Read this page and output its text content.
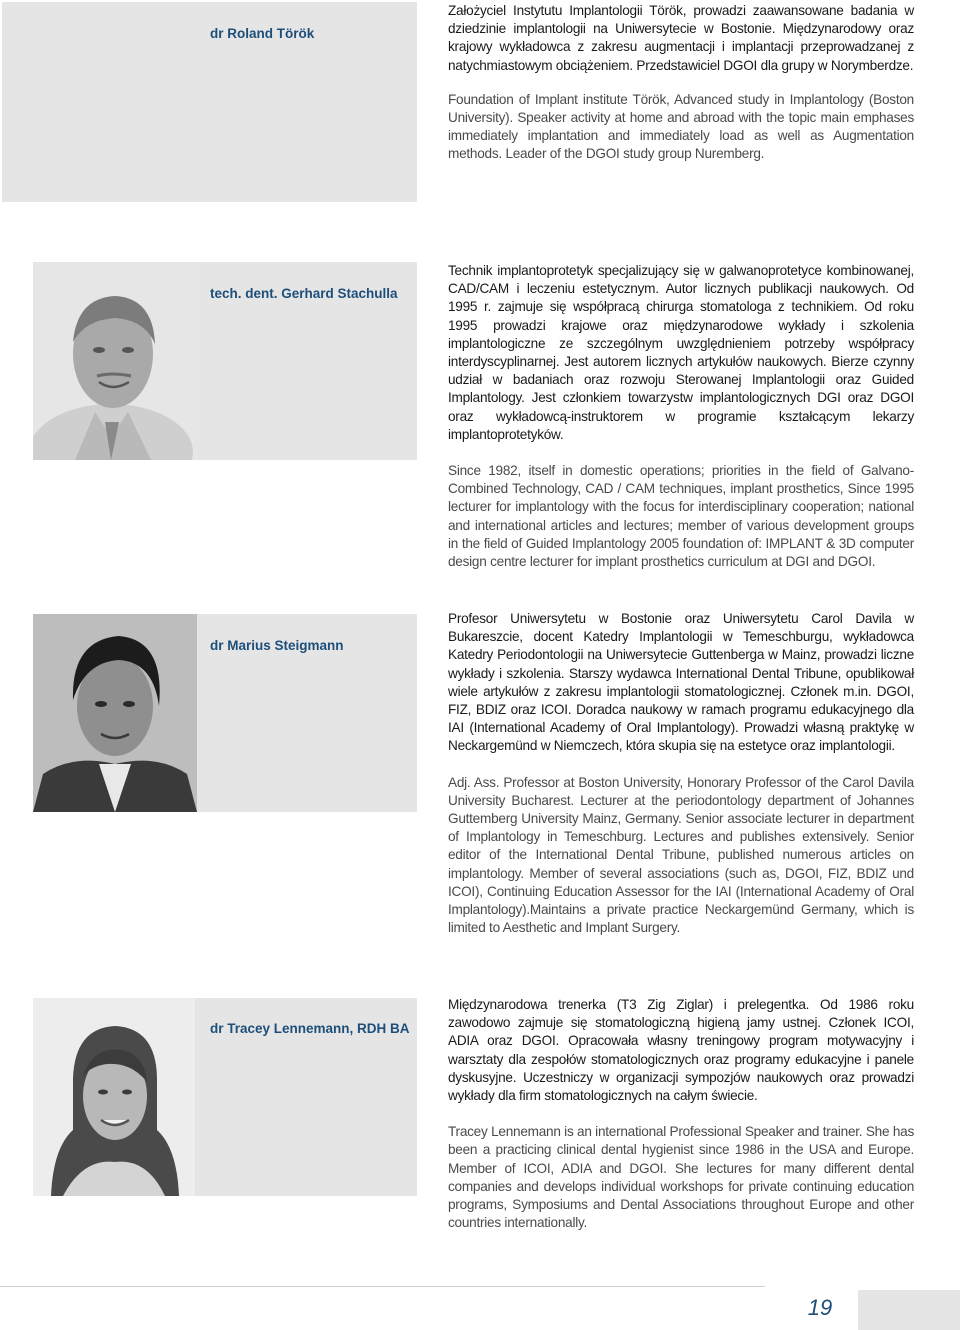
dr Roland Török

Założyciel Instytutu Implantologii Török, prowadzi zaawansowane badania w dziedzinie implantologii na Uniwersytecie w Bostonie. Międzynarodowy oraz krajowy wykładowca z zakresu augmentacji i implantacji przeprowadzanej z natychmiastowym obciążeniem. Przedstawiciel DGOI dla grupy w Norymberdze.

Foundation of Implant institute Török, Advanced study in Implantology (Boston University). Speaker activity at home and abroad with the topic main emphases immediately implantation and immediately load as well as Augmentation methods. Leader of the DGOI study group Nuremberg.

tech. dent. Gerhard Stachulla

Technik implantoprotetyk specjalizujący się w galwanoprotetyce kombinowanej, CAD/CAM i leczeniu estetycznym. Autor licznych publikacji naukowych. Od 1995 r. zajmuje się współpracą chirurga stomatologa z technikiem. Od roku 1995 prowadzi krajowe oraz międzynarodowe wykłady i szkolenia implantologiczne ze szczególnym uwzględnieniem potrzeby współpracy interdyscyplinarnej. Jest autorem licznych artykułów naukowych. Bierze czynny udział w badaniach oraz rozwoju Sterowanej Implantologii oraz Guided Implantology. Jest członkiem towarzystw implantologicznych DGI oraz DGOI oraz wykładowcą-instruktorem w programie kształcącym lekarzy implantoprotetyków.

Since 1982, itself in domestic operations; priorities in the field of Galvano-Combined Technology, CAD / CAM techniques, implant prosthetics, Since 1995 lecturer for implantology with the focus for interdisciplinary cooperation; national and international articles and lectures; member of various development groups in the field of Guided Implantology 2005 foundation of: IMPLANT & 3D computer design centre lecturer for implant prosthetics curriculum at DGI and DGOI.

dr Marius Steigmann

Profesor Uniwersytetu w Bostonie oraz Uniwersytetu Carol Davila w Bukareszcie, docent Katedry Implantologii w Temeschburgu, wykładowca Katedry Periodontologii na Uniwersytecie Guttenberga w Mainz, prowadzi liczne wykłady i szkolenia. Starszy wydawca International Dental Tribune, opublikował wiele artykułów z zakresu implantologii stomatologicznej. Członek m.in. DGOI, FIZ, BDIZ oraz ICOI. Doradca naukowy w ramach programu edukacyjnego dla IAI (International Academy of Oral Implantology). Prowadzi własną praktykę w Neckargemünd w Niemczech, która skupia się na estetyce oraz implantologii.

Adj. Ass. Professor at Boston University, Honorary Professor of the Carol Davila University Bucharest. Lecturer at the periodontology department of Johannes Guttemberg University Mainz, Germany. Senior associate lecturer in department of Implantology in Temeschburg. Lectures and publishes extensively. Senior editor of the International Dental Tribune, published numerous articles on implantology. Member of several associations (such as, DGOI, FIZ, BDIZ und ICOI), Continuing Education Assessor for the IAI (International Academy of Oral Implantology).Maintains a private practice Neckargemünd Germany, which is limited to Aesthetic and Implant Surgery.

dr Tracey Lennemann, RDH BA

Międzynarodowa trenerka (T3 Zig Ziglar) i prelegentka. Od 1986 roku zawodowo zajmuje się stomatologiczną higieną jamy ustnej. Członek ICOI, ADIA oraz DGOI. Opracowała własny treningowy program motywacyjny i warsztaty dla zespołów stomatologicznych oraz programy edukacyjne i panele dyskusyjne. Uczestniczy w organizacji sympozjów naukowych oraz prowadzi wykłady dla firm stomatologicznych na całym świecie.

Tracey Lennemann is an international Professional Speaker and trainer. She has been a practicing clinical dental hygienist since 1986 in the USA and Europe. Member of ICOI, ADIA and DGOI. She lectures for many different dental companies and develops individual workshops for private continuing education programs, Symposiums and Dental Associations throughout Europe and other countries internationally.

19
